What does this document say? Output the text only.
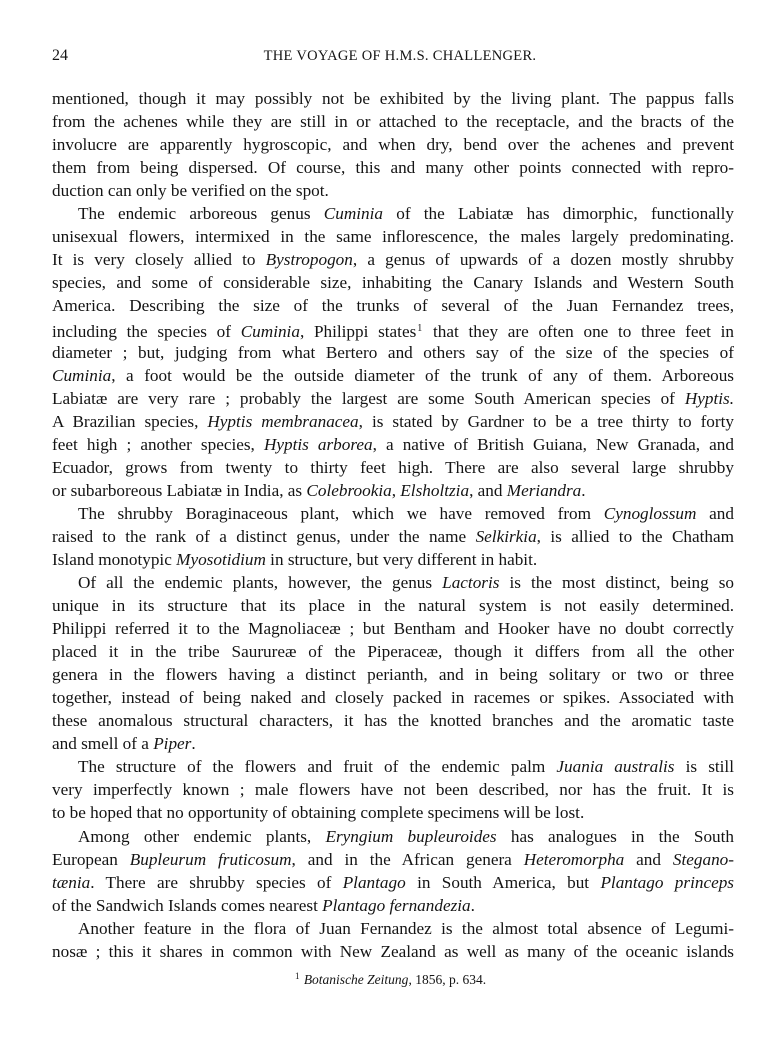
24	THE VOYAGE OF H.M.S. CHALLENGER.
mentioned, though it may possibly not be exhibited by the living plant. The pappus falls
from the achenes while they are still in or attached to the receptacle, and the bracts of the
involucre are apparently hygroscopic, and when dry, bend over the achenes and prevent
them from being dispersed. Of course, this and many other points connected with repro-
duction can only be verified on the spot.
The endemic arboreous genus Cuminia of the Labiatæ has dimorphic, functionally
unisexual flowers, intermixed in the same inflorescence, the males largely predominating.
It is very closely allied to Bystropogon, a genus of upwards of a dozen mostly shrubby
species, and some of considerable size, inhabiting the Canary Islands and Western South
America. Describing the size of the trunks of several of the Juan Fernandez trees,
including the species of Cuminia, Philippi states$^1$ that they are often one to three feet in
diameter ; but, judging from what Bertero and others say of the size of the species of
Cuminia, a foot would be the outside diameter of the trunk of any of them. Arboreous
Labiatæ are very rare ; probably the largest are some South American species of Hyptis.
A Brazilian species, Hyptis membranacea, is stated by Gardner to be a tree thirty to forty
feet high ; another species, Hyptis arborea, a native of British Guiana, New Granada, and
Ecuador, grows from twenty to thirty feet high. There are also several large shrubby
or subarboreous Labiatæ in India, as Colebrookia, Elsholtzia, and Meriandra.
The shrubby Boraginaceous plant, which we have removed from Cynoglossum and
raised to the rank of a distinct genus, under the name Selkirkia, is allied to the Chatham
Island monotypic Myosotidium in structure, but very different in habit.
Of all the endemic plants, however, the genus Lactoris is the most distinct, being so
unique in its structure that its place in the natural system is not easily determined.
Philippi referred it to the Magnoliaceæ ; but Bentham and Hooker have no doubt correctly
placed it in the tribe Saurureæ of the Piperaceæ, though it differs from all the other
genera in the flowers having a distinct perianth, and in being solitary or two or three
together, instead of being naked and closely packed in racemes or spikes. Associated with
these anomalous structural characters, it has the knotted branches and the aromatic taste
and smell of a Piper.
The structure of the flowers and fruit of the endemic palm Juania australis is still
very imperfectly known ; male flowers have not been described, nor has the fruit. It is
to be hoped that no opportunity of obtaining complete specimens will be lost.
Among other endemic plants, Eryngium bupleuroides has analogues in the South
European Bupleurum fruticosum, and in the African genera Heteromorpha and Stegano-
tænia. There are shrubby species of Plantago in South America, but Plantago princeps
of the Sandwich Islands comes nearest Plantago fernandezia.
Another feature in the flora of Juan Fernandez is the almost total absence of Legumi-
nosæ ; this it shares in common with New Zealand as well as many of the oceanic islands
$^1$ Botanische Zeitung, 1856, p. 634.
